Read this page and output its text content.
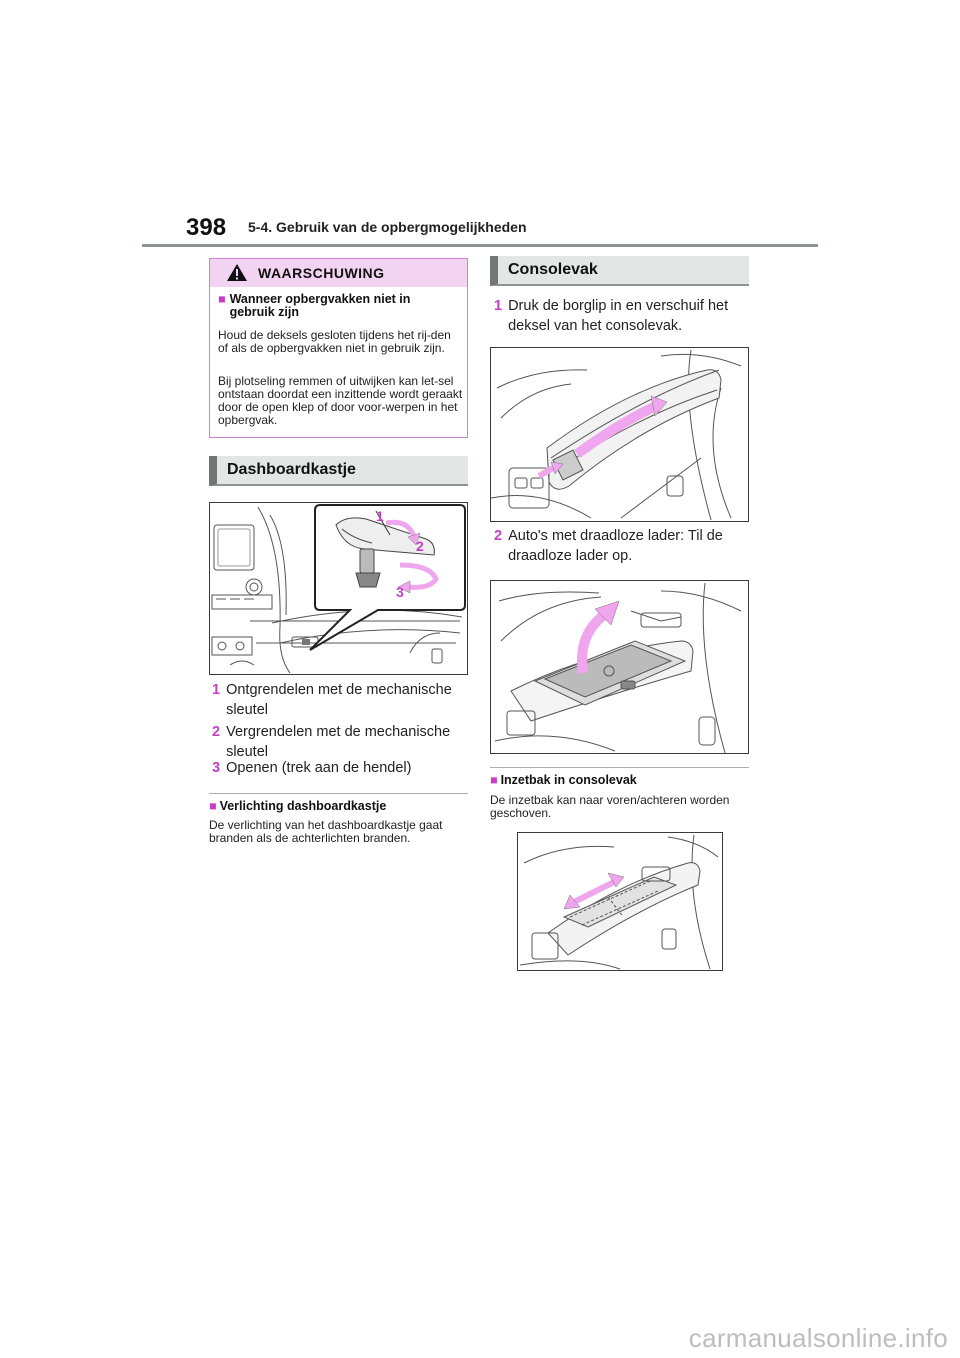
398 5-4. Gebruik van de opbergmogelijkheden
WAARSCHUWING
■ Wanneer opbergvakken niet in gebruik zijn
Houd de deksels gesloten tijdens het rij-den of als de opbergvakken niet in gebruik zijn.
Bij plotseling remmen of uitwijken kan let-sel ontstaan doordat een inzittende wordt geraakt door de open klep of door voor-werpen in het opbergvak.
Dashboardkastje
1
2
3
1 Ontgrendelen met de mechanische sleutel
2 Vergrendelen met de mechanische sleutel
3 Openen (trek aan de hendel)
■ Verlichting dashboardkastje
De verlichting van het dashboardkastje gaat branden als de achterlichten branden.
Consolevak
1 Druk de borglip in en verschuif het deksel van het consolevak.
2 Auto's met draadloze lader: Til de draadloze lader op.
■ Inzetbak in consolevak
De inzetbak kan naar voren/achteren worden geschoven.
carmanualsonline.info
